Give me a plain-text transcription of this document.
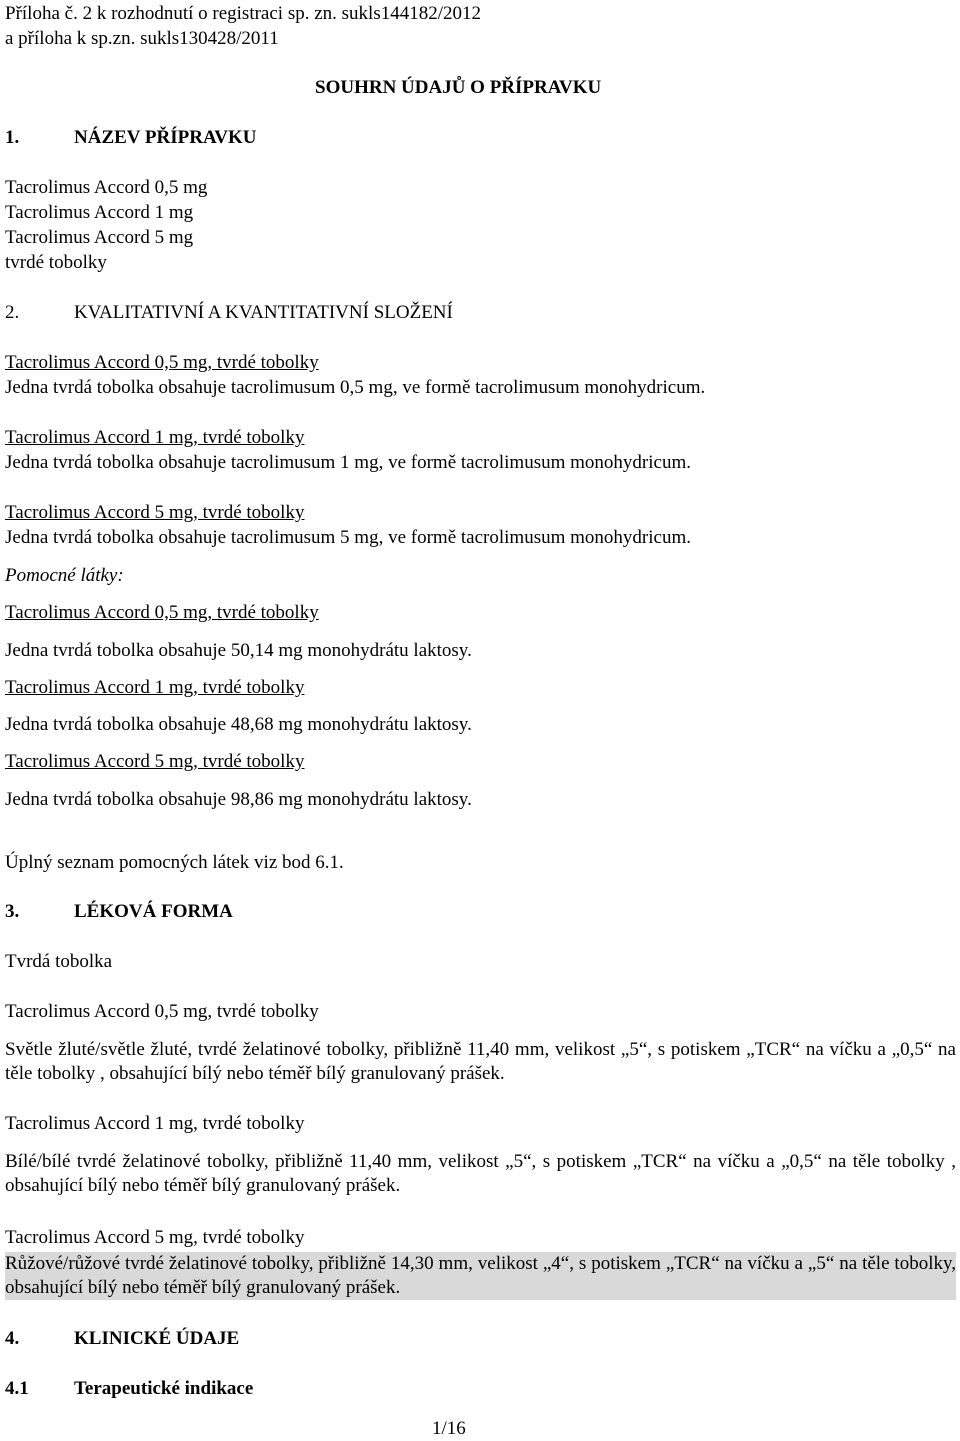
Příloha č. 2 k rozhodnutí o registraci sp. zn. sukls144182/2012
a příloha k sp.zn. sukls130428/2011
SOUHRN ÚDAJŮ O PŘÍPRAVKU
1.	NÁZEV PŘÍPRAVKU
Tacrolimus Accord 0,5 mg
Tacrolimus Accord 1 mg
Tacrolimus Accord 5 mg
tvrdé tobolky
2.	KVALITATIVNÍ A KVANTITATIVNÍ SLOŽENÍ
Tacrolimus Accord 0,5 mg, tvrdé tobolky
Jedna tvrdá tobolka obsahuje tacrolimusum 0,5 mg, ve formě tacrolimusum monohydricum.
Tacrolimus Accord 1 mg, tvrdé tobolky
Jedna tvrdá tobolka obsahuje tacrolimusum 1 mg, ve formě tacrolimusum monohydricum.
Tacrolimus Accord 5 mg, tvrdé tobolky
Jedna tvrdá tobolka obsahuje tacrolimusum 5 mg, ve formě tacrolimusum monohydricum.
Pomocné látky:
Tacrolimus Accord 0,5 mg, tvrdé tobolky
Jedna tvrdá tobolka obsahuje 50,14 mg monohydrátu laktosy.
Tacrolimus Accord 1 mg, tvrdé tobolky
Jedna tvrdá tobolka obsahuje 48,68 mg monohydrátu laktosy.
Tacrolimus Accord 5 mg, tvrdé tobolky
Jedna tvrdá tobolka obsahuje 98,86 mg monohydrátu laktosy.
Úplný seznam pomocných látek viz bod 6.1.
3.	LÉKOVÁ FORMA
Tvrdá tobolka
Tacrolimus Accord 0,5 mg, tvrdé tobolky
Světle žluté/světle žluté, tvrdé želatinové tobolky, přibližně 11,40 mm, velikost „5“, s potiskem „TCR“ na víčku a „0,5“ na těle tobolky , obsahující bílý nebo téměř bílý granulovaný prášek.
Tacrolimus Accord 1 mg, tvrdé tobolky
Bílé/bílé tvrdé želatinové tobolky, přibližně 11,40 mm, velikost „5“, s potiskem „TCR“ na víčku a „0,5“ na těle tobolky , obsahující bílý nebo téměř bílý granulovaný prášek.
Tacrolimus Accord 5 mg, tvrdé tobolky
Růžové/růžové tvrdé želatinové tobolky, přibližně 14,30 mm, velikost „4“, s potiskem „TCR“ na víčku a „5“ na těle tobolky, obsahující bílý nebo téměř bílý granulovaný prášek.
4.	KLINICKÉ ÚDAJE
4.1 Terapeutické indikace
1/16
